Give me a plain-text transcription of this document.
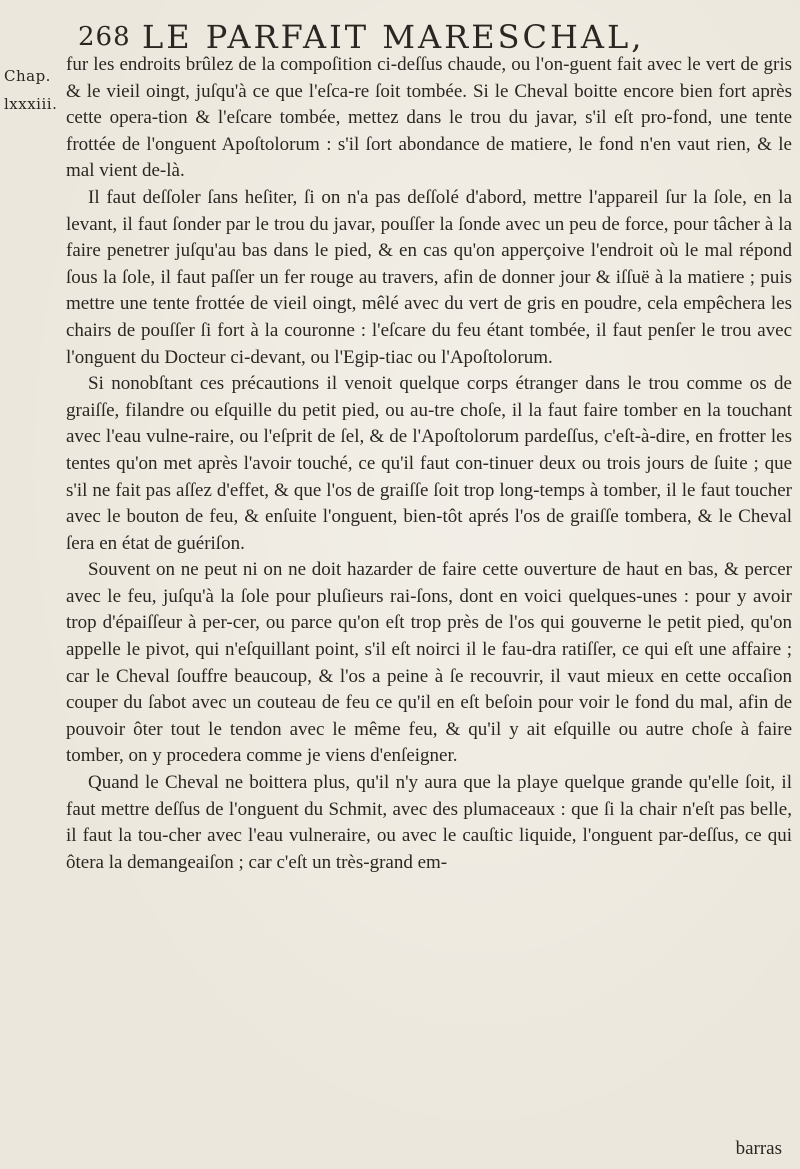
268 LE PARFAIT MARESCHAL,
Chap.
lxxxiii.

fur les endroits brûlez de la compoſition ci-deſſus chaude, ou l'on-guent fait avec le vert de gris & le vieil oingt, juſqu'à ce que l'eſca-re ſoit tombée. Si le Cheval boitte encore bien fort après cette opera-tion & l'eſcare tombée, mettez dans le trou du javar, s'il eſt pro-fond, une tente frottée de l'onguent Apoſtolorum : s'il ſort abondance de matiere, le fond n'en vaut rien, & le mal vient de-là.

Il faut deſſoler ſans heſiter, ſi on n'a pas deſſolé d'abord, mettre l'appareil ſur la ſole, en la levant, il faut ſonder par le trou du javar, pouſſer la ſonde avec un peu de force, pour tâcher à la faire penetrer juſqu'au bas dans le pied, & en cas qu'on apperçoive l'endroit où le mal répond ſous la ſole, il faut paſſer un fer rouge au travers, afin de donner jour & iſſuë à la matiere ; puis mettre une tente frottée de vieil oingt, mêlé avec du vert de gris en poudre, cela empêchera les chairs de pouſſer ſi fort à la couronne : l'eſcare du feu étant tombée, il faut penſer le trou avec l'onguent du Docteur ci-devant, ou l'Egip-tiac ou l'Apoſtolorum.

Si nonobſtant ces précautions il venoit quelque corps étranger dans le trou comme os de graiſſe, filandre ou eſquille du petit pied, ou au-tre choſe, il la faut faire tomber en la touchant avec l'eau vulne-raire, ou l'eſprit de ſel, & de l'Apoſtolorum pardeſſus, c'eſt-à-dire, en frotter les tentes qu'on met après l'avoir touché, ce qu'il faut con-tinuer deux ou trois jours de ſuite ; que s'il ne fait pas aſſez d'effet, & que l'os de graiſſe ſoit trop long-temps à tomber, il le faut toucher avec le bouton de feu, & enſuite l'onguent, bien-tôt aprés l'os de graiſſe tombera, & le Cheval ſera en état de guériſon.

Souvent on ne peut ni on ne doit hazarder de faire cette ouverture de haut en bas, & percer avec le feu, juſqu'à la ſole pour pluſieurs rai-ſons, dont en voici quelques-unes : pour y avoir trop d'épaiſſeur à per-cer, ou parce qu'on eſt trop près de l'os qui gouverne le petit pied, qu'on appelle le pivot, qui n'eſquillant point, s'il eſt noirci il le fau-dra ratiſſer, ce qui eſt une affaire ; car le Cheval ſouffre beaucoup, & l'os a peine à ſe recouvrir, il vaut mieux en cette occaſion couper du ſabot avec un couteau de feu ce qu'il en eſt beſoin pour voir le fond du mal, afin de pouvoir ôter tout le tendon avec le même feu, & qu'il y ait eſquille ou autre choſe à faire tomber, on y procedera comme je viens d'enſeigner.

Quand le Cheval ne boittera plus, qu'il n'y aura que la playe quelque grande qu'elle ſoit, il faut mettre deſſus de l'onguent du Schmit, avec des plumaceaux : que ſi la chair n'eſt pas belle, il faut la tou-cher avec l'eau vulneraire, ou avec le cauſtic liquide, l'onguent par-deſſus, ce qui ôtera la demangeaiſon ; car c'eſt un très-grand em-

barras
